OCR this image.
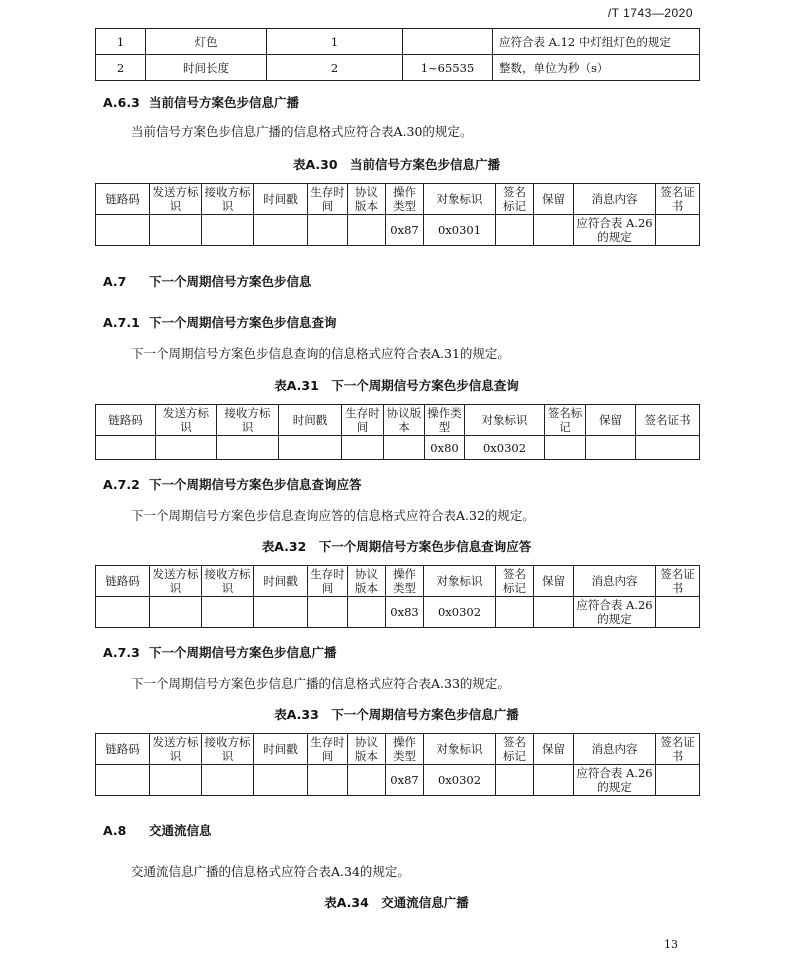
/T 1743—2020
1	灯色	1		应符合表 A.12 中灯组灯色的规定
2	时间长度	2	1~65535	整数，单位为秒（s）
A.6.3 当前信号方案色步信息广播
当前信号方案色步信息广播的信息格式应符合表A.30的规定。
表A.30　当前信号方案色步信息广播
链路码	发送方标识	接收方标识	时间戳	生存时间	协议版本	操作类型	对象标识	签名标记	保留	消息内容	签名证书
						0x87	0x0301			应符合表 A.26 的规定	
A.7 下一个周期信号方案色步信息
A.7.1 下一个周期信号方案色步信息查询
下一个周期信号方案色步信息查询的信息格式应符合表A.31的规定。
表A.31　下一个周期信号方案色步信息查询
链路码	发送方标识	接收方标识	时间戳	生存时间	协议版本	操作类型	对象标识	签名标记	保留	签名证书
						0x80	0x0302			
A.7.2 下一个周期信号方案色步信息查询应答
下一个周期信号方案色步信息查询应答的信息格式应符合表A.32的规定。
表A.32　下一个周期信号方案色步信息查询应答
链路码	发送方标识	接收方标识	时间戳	生存时间	协议版本	操作类型	对象标识	签名标记	保留	消息内容	签名证书
						0x83	0x0302			应符合表 A.26 的规定	
A.7.3 下一个周期信号方案色步信息广播
下一个周期信号方案色步信息广播的信息格式应符合表A.33的规定。
表A.33　下一个周期信号方案色步信息广播
链路码	发送方标识	接收方标识	时间戳	生存时间	协议版本	操作类型	对象标识	签名标记	保留	消息内容	签名证书
						0x87	0x0302			应符合表 A.26 的规定	
A.8 交通流信息
交通流信息广播的信息格式应符合表A.34的规定。
表A.34　交通流信息广播
13
